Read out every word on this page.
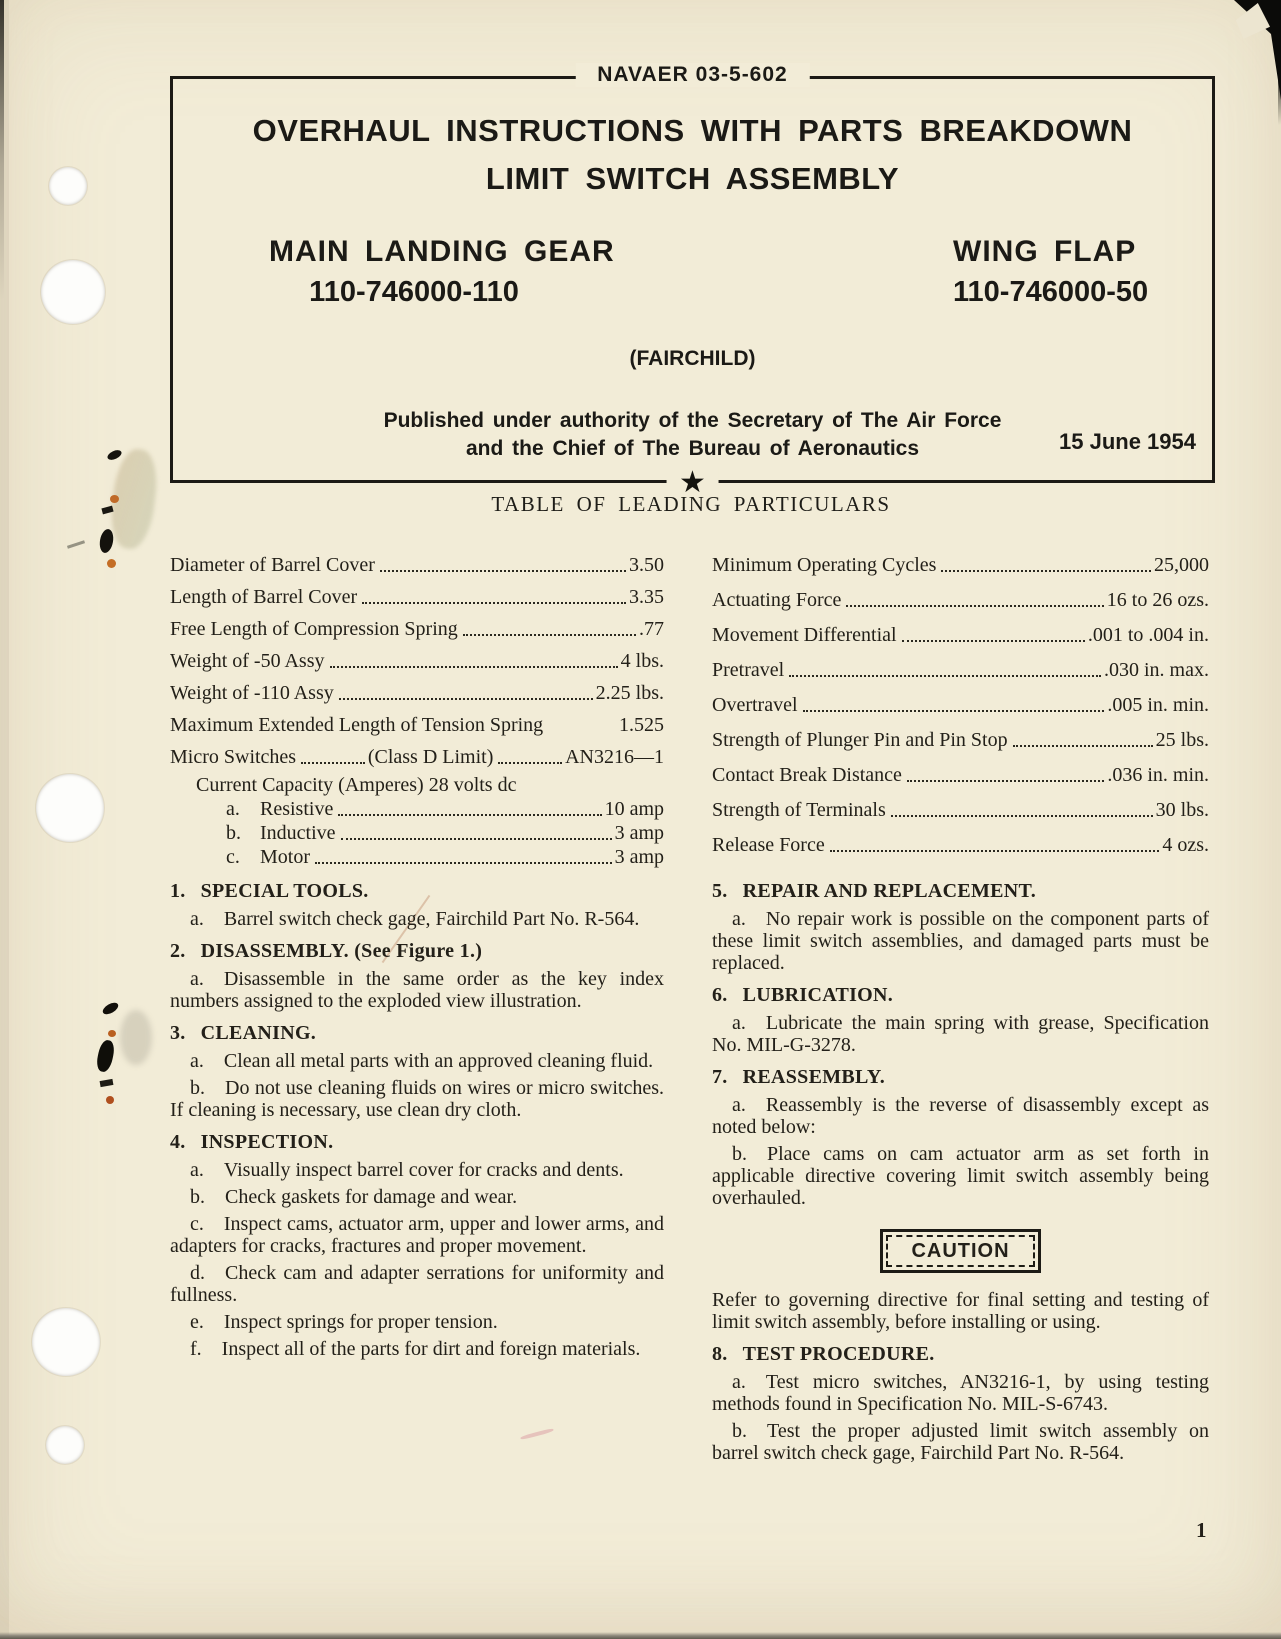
NAVAER 03-5-602
OVERHAUL INSTRUCTIONS WITH PARTS BREAKDOWN
LIMIT SWITCH ASSEMBLY
MAIN LANDING GEAR
110-746000-110
WING FLAP
110-746000-50
(FAIRCHILD)
Published under authority of the Secretary of The Air Force
and the Chief of The Bureau of Aeronautics	15 June 1954
★
TABLE OF LEADING PARTICULARS
Diameter of Barrel Cover	3.50
Length of Barrel Cover	3.35
Free Length of Compression Spring	.77
Weight of -50 Assy	4 lbs.
Weight of -110 Assy	2.25 lbs.
Maximum Extended Length of Tension Spring	1.525
Micro Switches	(Class D Limit)	AN3216—1
Current Capacity (Amperes) 28 volts dc
a.	Resistive	10 amp
b. Inductive	3 amp
c.	Motor	3 amp
Minimum Operating Cycles	25,000
Actuating Force	16 to 26 ozs.
Movement Differential	.001 to .004 in.
Pretravel	.030 in. max.
Overtravel	.005 in. min.
Strength of Plunger Pin and Pin Stop	25 lbs.
Contact Break Distance	.036 in. min.
Strength of Terminals	30 lbs.
Release Force	4 ozs.
1. SPECIAL TOOLS.

a. Barrel switch check gage, Fairchild Part No. R-564.

2. DISASSEMBLY. (See Figure 1.)

a. Disassemble in the same order as the key index numbers assigned to the exploded view illustration.

3. CLEANING.

a. Clean all metal parts with an approved cleaning fluid.

b. Do not use cleaning fluids on wires or micro switches. If cleaning is necessary, use clean dry cloth.

4. INSPECTION.

a. Visually inspect barrel cover for cracks and dents.

b. Check gaskets for damage and wear.

c. Inspect cams, actuator arm, upper and lower arms, and adapters for cracks, fractures and proper movement.

d. Check cam and adapter serrations for uniformity and fullness.

e. Inspect springs for proper tension.

f. Inspect all of the parts for dirt and foreign materials.

5. REPAIR AND REPLACEMENT.

a. No repair work is possible on the component parts of these limit switch assemblies, and damaged parts must be replaced.

6. LUBRICATION.

a. Lubricate the main spring with grease, Specification No. MIL-G-3278.

7. REASSEMBLY.

a. Reassembly is the reverse of disassembly except as noted below:

b. Place cams on cam actuator arm as set forth in applicable directive covering limit switch assembly being overhauled.

CAUTION

Refer to governing directive for final setting and testing of limit switch assembly, before installing or using.

8. TEST PROCEDURE.

a. Test micro switches, AN3216-1, by using testing methods found in Specification No. MIL-S-6743.

b. Test the proper adjusted limit switch assembly on barrel switch check gage, Fairchild Part No. R-564.

1
